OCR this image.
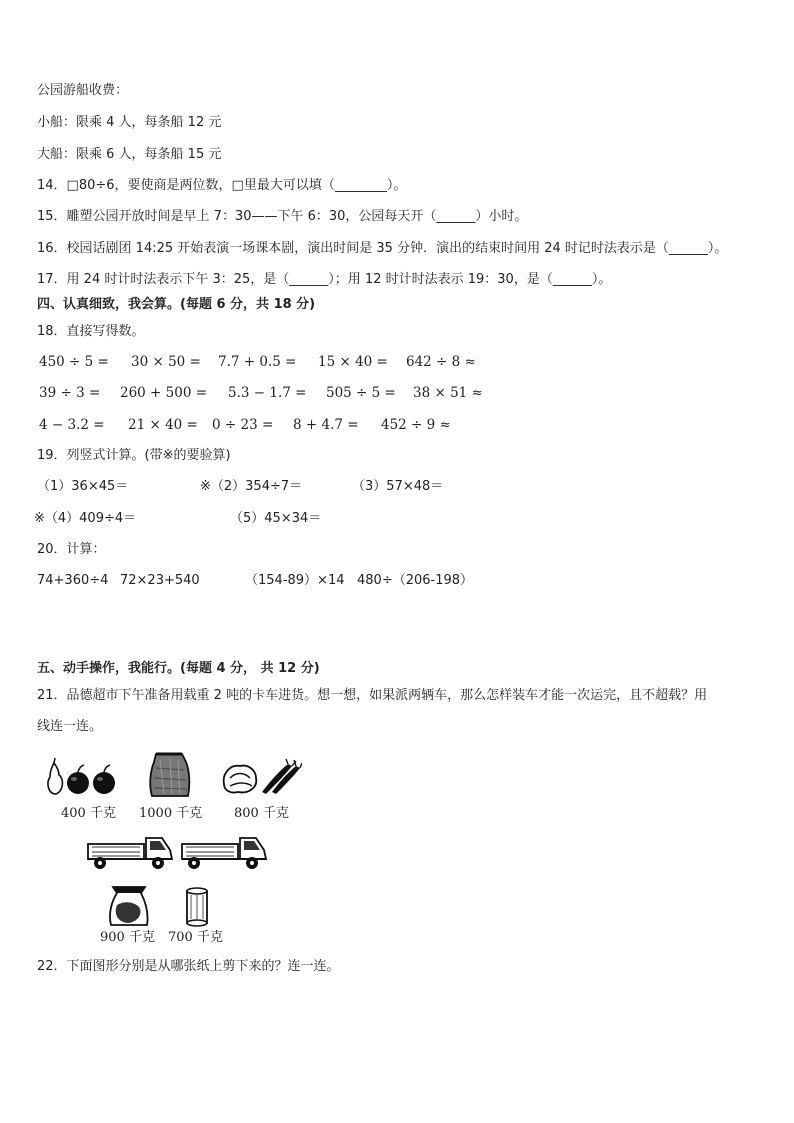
公园游船收费：
小船：限乘 4 人，每条船 12 元
大船：限乘 6 人，每条船 15 元
14．□80÷6，要使商是两位数，□里最大可以填（________）。
15．雕塑公园开放时间是早上 7：30——下午 6：30，公园每天开（______）小时。
16．校园话剧团 14:25 开始表演一场课本剧，演出时间是 35 分钟．演出的结束时间用 24 时记时法表示是（______）。
17．用 24 时计时法表示下午 3：25，是（______）；用 12 时计时法表示 19：30，是（______）。
四、认真细致，我会算。(每题 6 分，共 18 分)
18．直接写得数。
450 ÷ 5 = 30 × 50 = 7.7 + 0.5 = 15 × 40 = 642 ÷ 8 ≈
39 ÷ 3 = 260 + 500 = 5.3 − 1.7 = 505 ÷ 5 = 38 × 51 ≈
4 − 3.2 = 21 × 40 = 0 ÷ 23 = 8 + 4.7 = 452 ÷ 9 ≈
19．列竖式计算。(带※的要验算)
（1）36×45＝	※（2）354÷7＝	（3）57×48＝
※（4）409÷4＝	（5）45×34＝
20．计算：
74+360÷4 72×23+540	（154-89）×14 480÷（206-198）
五、动手操作，我能行。(每题 4 分， 共 12 分)
21．品德超市下午准备用载重 2 吨的卡车进货。想一想，如果派两辆车，那么怎样装车才能一次运完，且不超载？用
线连一连。
400 千克 1000 千克 800 千克
900 千克 700 千克
22．下面图形分别是从哪张纸上剪下来的？连一连。
